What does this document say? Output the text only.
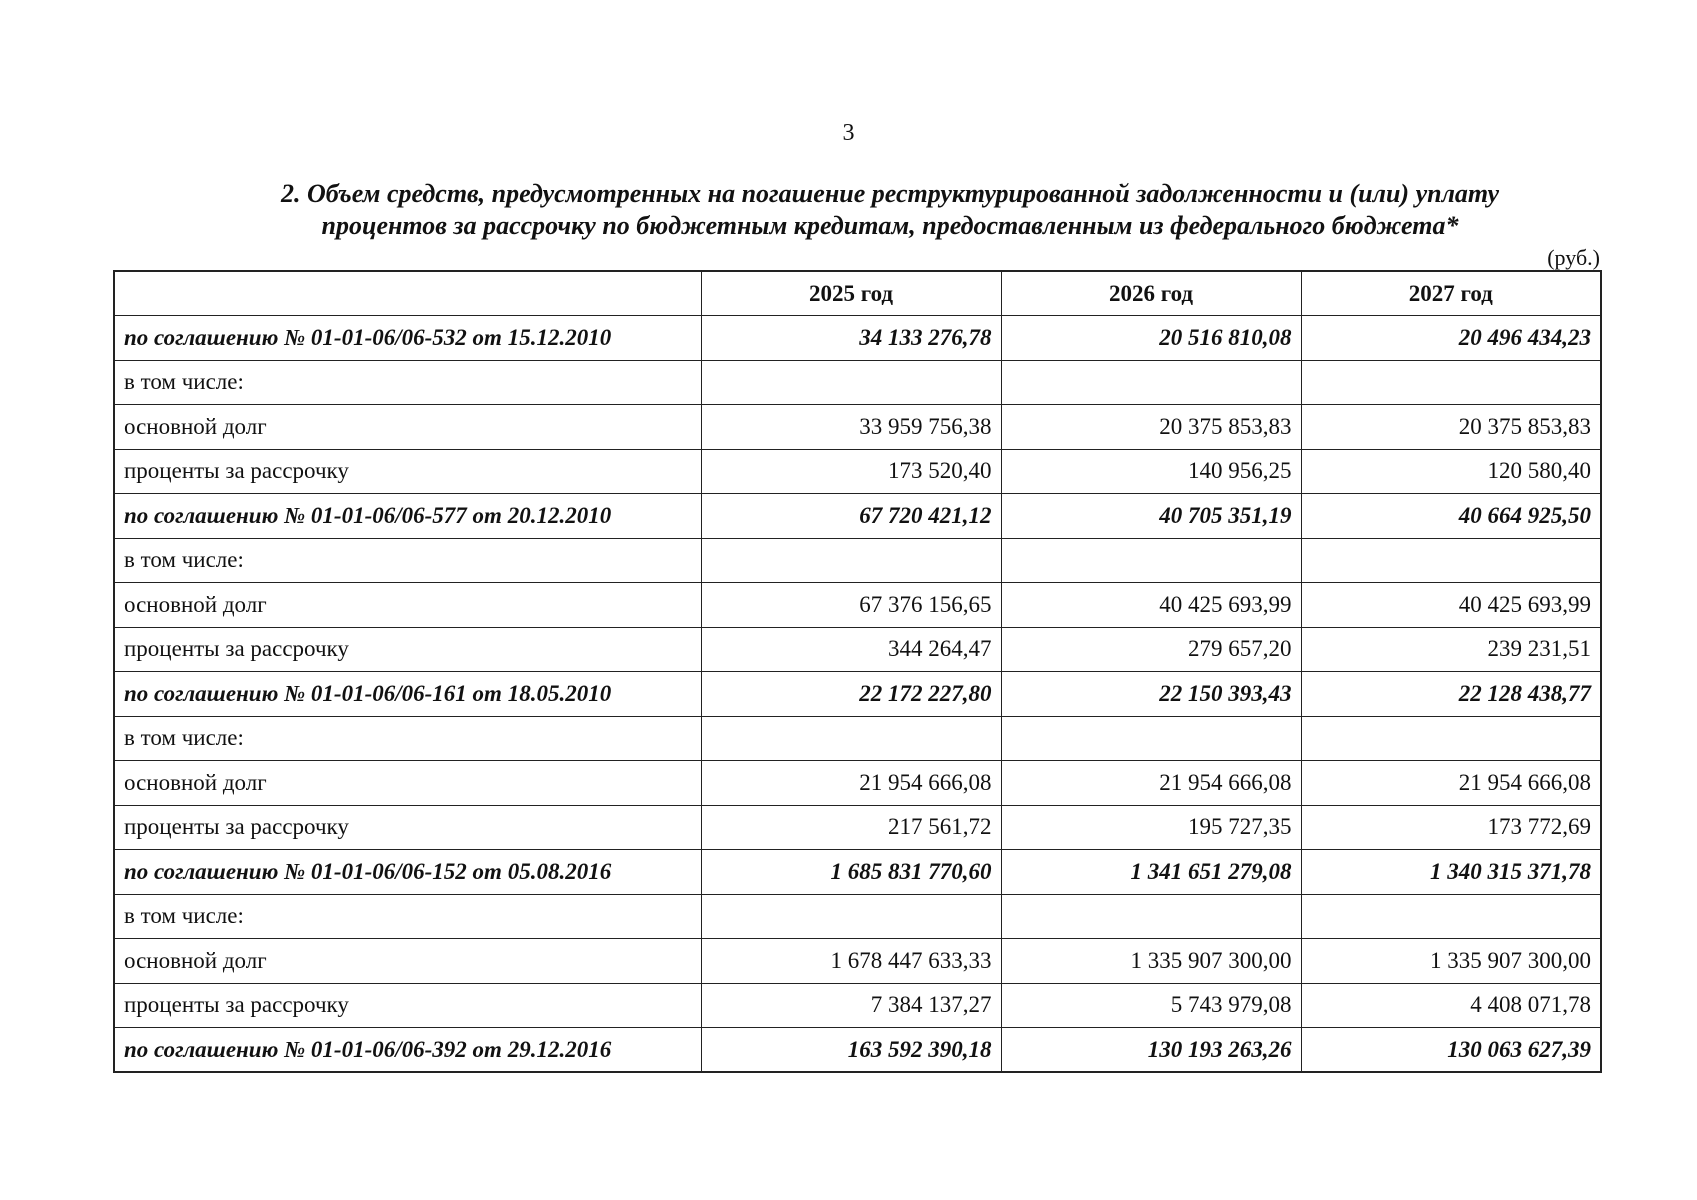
3
2. Объем средств, предусмотренных на погашение реструктурированной задолженности и (или) уплату
процентов за рассрочку по бюджетным кредитам, предоставленным из федерального бюджета*
(руб.)
	2025 год	2026 год	2027 год
по соглашению № 01-01-06/06-532 от 15.12.2010	34 133 276,78	20 516 810,08	20 496 434,23
в том числе:			
основной долг	33 959 756,38	20 375 853,83	20 375 853,83
проценты за рассрочку	173 520,40	140 956,25	120 580,40
по соглашению № 01-01-06/06-577 от 20.12.2010	67 720 421,12	40 705 351,19	40 664 925,50
в том числе:			
основной долг	67 376 156,65	40 425 693,99	40 425 693,99
проценты за рассрочку	344 264,47	279 657,20	239 231,51
по соглашению № 01-01-06/06-161 от 18.05.2010	22 172 227,80	22 150 393,43	22 128 438,77
в том числе:			
основной долг	21 954 666,08	21 954 666,08	21 954 666,08
проценты за рассрочку	217 561,72	195 727,35	173 772,69
по соглашению № 01-01-06/06-152 от 05.08.2016	1 685 831 770,60	1 341 651 279,08	1 340 315 371,78
в том числе:			
основной долг	1 678 447 633,33	1 335 907 300,00	1 335 907 300,00
проценты за рассрочку	7 384 137,27	5 743 979,08	4 408 071,78
по соглашению № 01-01-06/06-392 от 29.12.2016	163 592 390,18	130 193 263,26	130 063 627,39
